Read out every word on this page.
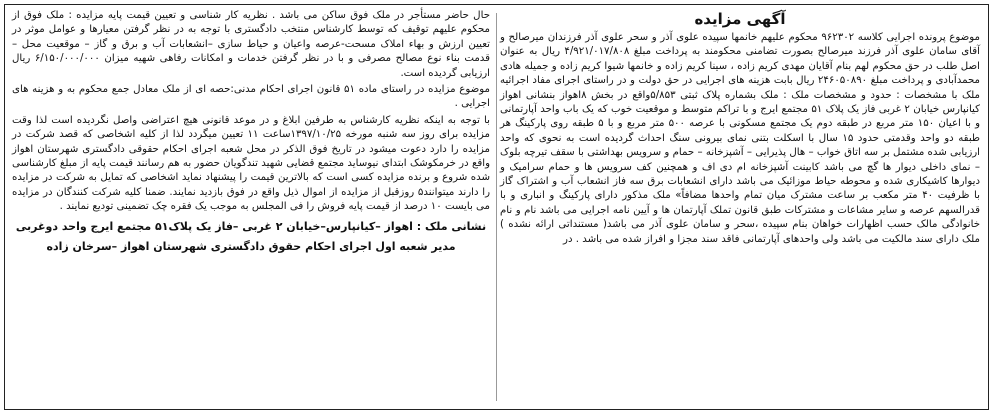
آگهی مزایده

موضوع پرونده اجرایی کلاسه ۹۶۲۳۰۲ محکوم علیهم خانمها سپیده علوی آذر و سحر علوی آذر فرزندان میرصالح و آقای سامان علوی آذر فرزند میرصالح بصورت تضامنی محکومند به پرداخت مبلغ ۴/۹۲۱/۰۱۷/۸۰۸ ریال به عنوان اصل طلب در حق محکوم لهم بنام آقایان مهدی کریم زاده ، سینا کریم زاده و خانمها شیوا کریم زاده و جمیله هادی محمدآبادی و پرداخت مبلغ ۲۴۶۰۵۰۸۹۰ ریال بابت هزینه های اجرایی در حق دولت و در راستای اجرای مفاد اجرائیه ملک با مشخصات : حدود و مشخصات ملک : ملک بشماره پلاک ثبتی ۵/۸۵۳واقع در بخش ۸اهواز بنشانی اهواز کیانپارس خیابان ۲ غربی فاز یک پلاک ۵۱ مجتمع ایرج و با تراکم متوسط و موقعیت خوب که یک باب واحد آپارتمانی و با اعیان ۱۵۰ متر مربع در طبقه دوم یک مجتمع مسکونی با عرصه ۵۰۰ متر مربع و با ۵ طبقه روی پارکینگ هر طبقه دو واحد وقدمتی حدود ۱۵ سال با اسکلت بتنی نمای بیرونی سنگ احداث گردیده است به نحوی که واحد ارزیابی شده مشتمل بر سه اتاق خواب – هال پذیرایی – آشپزخانه – حمام و سرویس بهداشتی با سقف تیرچه بلوک – نمای داخلی دیوار ها گچ می باشد کابینت آشپزخانه ام دی اف و همچنین کف سرویس ها و حمام سرامیک و دیوارها کاشیکاری شده و محوطه حیاط موزائیک می باشد دارای انشعابات برق سه فاز انشعاب آب و اشتراک گاز با ظرفیت ۴۰ متر مکعب بر ساعت مشترک میان تمام واحدها مضافاً» ملک مذکور دارای پارکینگ و انباری و با قدرالسهم عرصه و سایر مشاعات و مشترکات طبق قانون تملک آپارتمان ها و آیین نامه اجرایی می باشد نام و نام خانوادگی مالک حسب اظهارات خواهان بنام سپیده ،سحر و سامان علوی آذر می باشد( مستنداتی ارائه نشده ) ملک دارای سند مالکیت می باشد ولی واحدهای آپارتمانی فاقد سند مجزا و افراز شده می باشد . در

حال حاضر مستأجر در ملک فوق ساکن می باشد . نظریه کار شناسی و تعیین قیمت پایه مزایده : ملک فوق از محکوم علیهم توقیف که توسط کارشناس منتخب دادگستری با توجه به در نظر گرفتن معیارها و عوامل موثر در تعیین ارزش و بهاء املاک مسحت-عرصه واعیان و حیاط سازی –انشعابات آب و برق و گاز – موقعیت محل – قدمت بناء نوع مصالح مصرفی و با در نظر گرفتن خدمات و امکانات رفاهی شهیه میزان ۶/۱۵۰/۰۰۰/۰۰۰ ریال ارزیابی گردیده است.

موضوع مزایده در راستای ماده ۵۱ قانون اجرای احکام مدنی:حصه ای از ملک معادل جمع محکوم به و هزینه های اجرایی .

با توجه به اینکه نظریه کارشناس به طرفین ابلاغ و در موعد قانونی هیچ اعتراضی واصل نگردیده است لذا وقت مزایده برای روز سه شنبه مورخه ۱۳۹۷/۱۰/۲۵ساعت ۱۱ تعیین میگردد لذا از کلیه اشخاصی که قصد شرکت در مزایده را دارد دعوت میشود در تاریخ فوق الذکر در محل شعبه اجرای احکام حقوقی دادگستری شهرستان اهواز واقع در خرمکوشک ابتدای نیوساید مجتمع قضایی شهید تندگویان حضور به هم رسانند قیمت پایه از مبلغ کارشناسی شده شروع و برنده مزایده کسی است که بالاترین قیمت را پیشنهاد نماید اشخاصی که تمایل به شرکت در مزایده را دارند میتوانند۵ روزقبل از مزایده از اموال ذیل واقع در فوق بازدید نمایند. ضمنا کلیه شرکت کنندگان در مزایده می بایست ۱۰ درصد از قیمت پایه فروش را فی المجلس به موجب یک فقره چک تضمینی تودیع نمایند .

نشانی ملک : اهواز –کیانپارس–خیابان ۲ غربی –فاز یک پلاک۵۱ مجتمع ایرج واحد دوغربی
مدیر شعبه اول اجرای احکام حقوق دادگستری شهرستان اهواز –سرخان زاده
